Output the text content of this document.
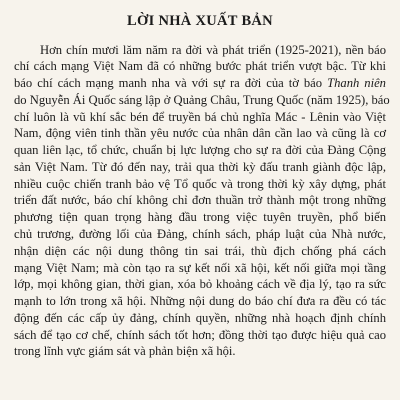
LỜI NHÀ XUẤT BẢN

Hơn chín mươi lăm năm ra đời và phát triển (1925-2021), nền báo

chí cách mạng Việt Nam đã có những bước phát triển vượt bậc. Từ khi

báo chí cách mạng manh nha và với sự ra đời của tờ báo Thanh niên

do Nguyễn Ái Quốc sáng lập ở Quảng Châu, Trung Quốc (năm 1925), báo

chí luôn là vũ khí sắc bén để truyền bá chủ nghĩa Mác - Lênin vào Việt

Nam, động viên tinh thần yêu nước của nhân dân cần lao và cũng là cơ

quan liên lạc, tổ chức, chuẩn bị lực lượng cho sự ra đời của Đảng Cộng

sản Việt Nam. Từ đó đến nay, trải qua thời kỳ đấu tranh giành độc lập,

nhiều cuộc chiến tranh bảo vệ Tổ quốc và trong thời kỳ xây dựng, phát

triển đất nước, báo chí không chỉ đơn thuần trở thành một trong những

phương tiện quan trọng hàng đầu trong việc tuyên truyền, phổ biến

chủ trương, đường lối của Đảng, chính sách, pháp luật của Nhà nước,

nhận diện các nội dung thông tin sai trái, thù địch chống phá cách

mạng Việt Nam; mà còn tạo ra sự kết nối xã hội, kết nối giữa mọi tầng

lớp, mọi không gian, thời gian, xóa bỏ khoảng cách về địa lý, tạo ra sức

mạnh to lớn trong xã hội. Những nội dung do báo chí đưa ra đều có tác

động đến các cấp ủy đảng, chính quyền, những nhà hoạch định chính

sách để tạo cơ chế, chính sách tốt hơn; đồng thời tạo được hiệu quả cao

trong lĩnh vực giám sát và phản biện xã hội.
